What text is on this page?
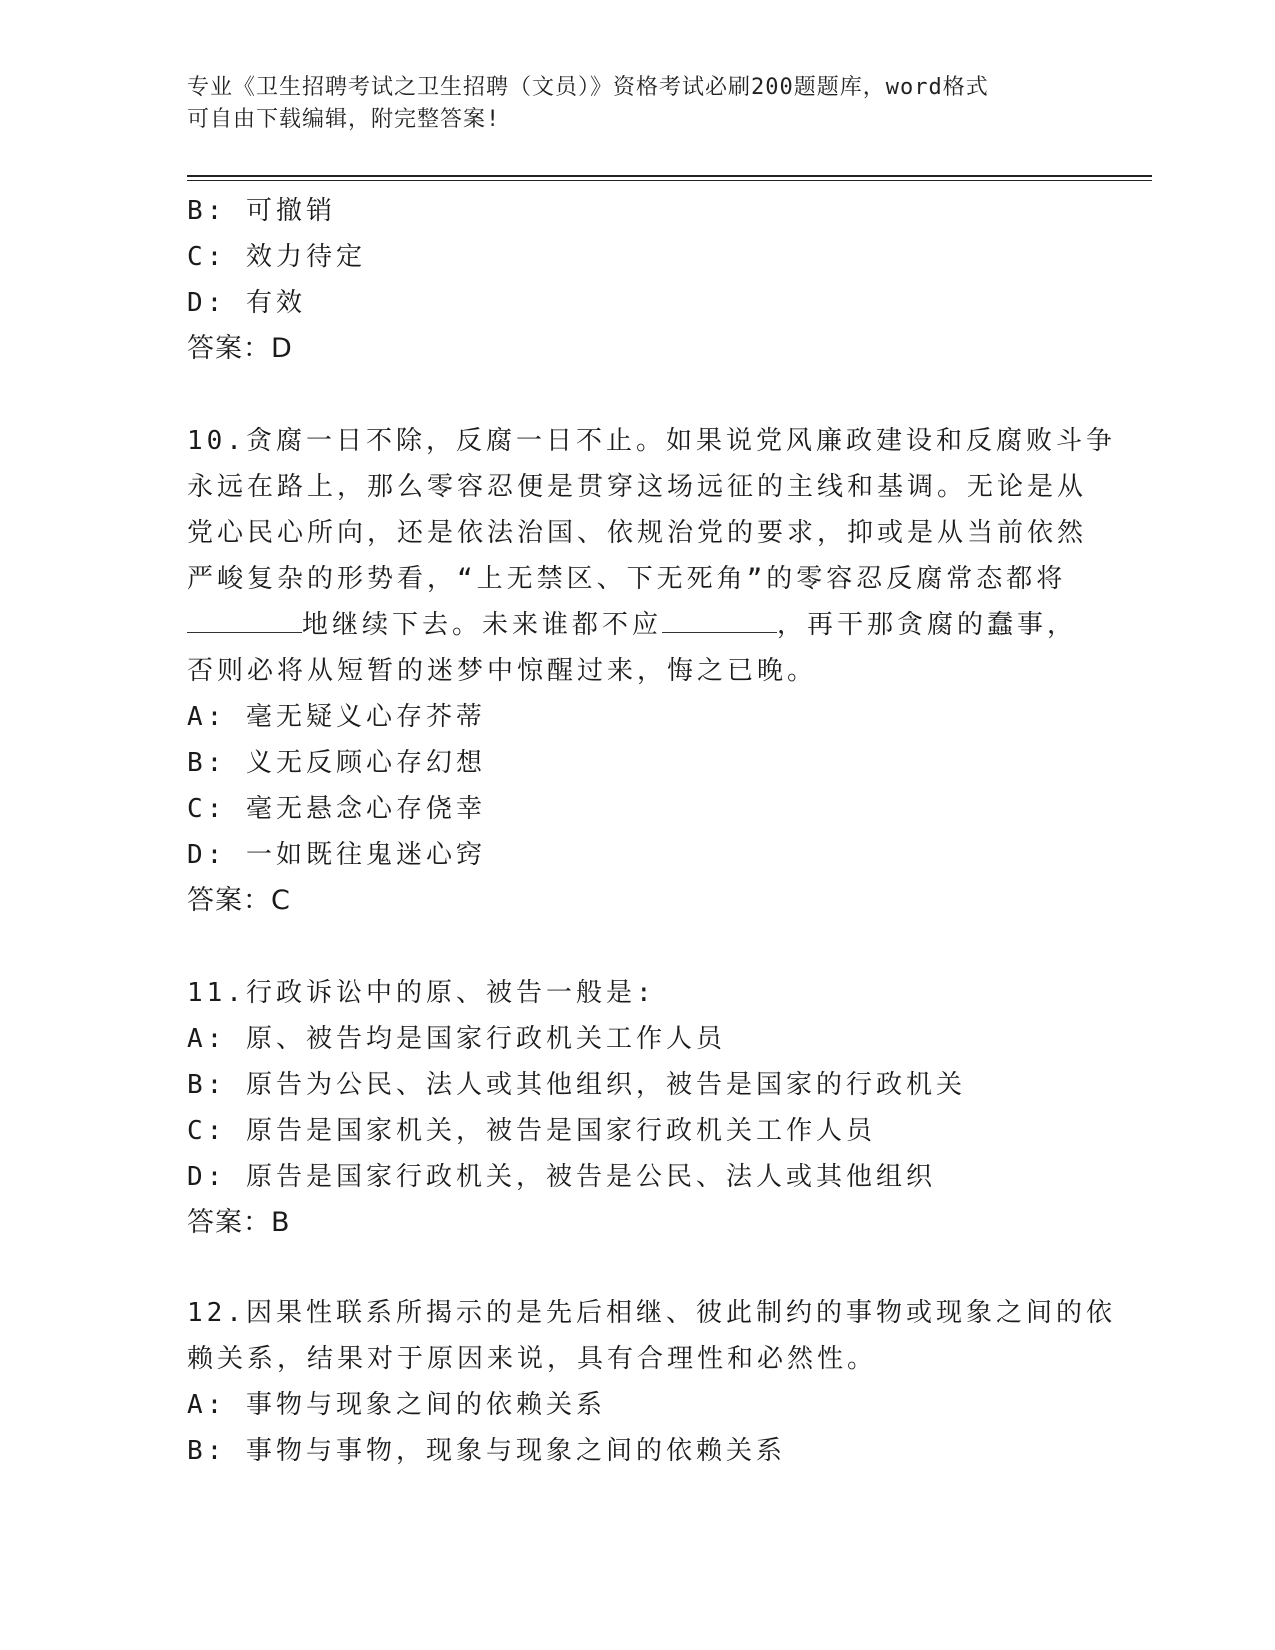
专业《卫生招聘考试之卫生招聘（文员）》资格考试必刷200题题库，word格式
可自由下载编辑，附完整答案!
B: 可撤销
C: 效力待定
D: 有效
答案：D
10.贪腐一日不除，反腐一日不止。如果说党风廉政建设和反腐败斗争
永远在路上，那么零容忍便是贯穿这场远征的主线和基调。无论是从
党心民心所向，还是依法治国、依规治党的要求，抑或是从当前依然
严峻复杂的形势看，“上无禁区、下无死角”的零容忍反腐常态都将
地继续下去。未来谁都不应	，再干那贪腐的蠢事，
否则必将从短暂的迷梦中惊醒过来，悔之已晚。
A: 毫无疑义心存芥蒂
B: 义无反顾心存幻想
C: 毫无悬念心存侥幸
D: 一如既往鬼迷心窍
答案：C
11.行政诉讼中的原、被告一般是:
A: 原、被告均是国家行政机关工作人员
B: 原告为公民、法人或其他组织，被告是国家的行政机关
C: 原告是国家机关，被告是国家行政机关工作人员
D: 原告是国家行政机关，被告是公民、法人或其他组织
答案：B
12.因果性联系所揭示的是先后相继、彼此制约的事物或现象之间的依
赖关系，结果对于原因来说，具有合理性和必然性。
A: 事物与现象之间的依赖关系
B: 事物与事物，现象与现象之间的依赖关系
